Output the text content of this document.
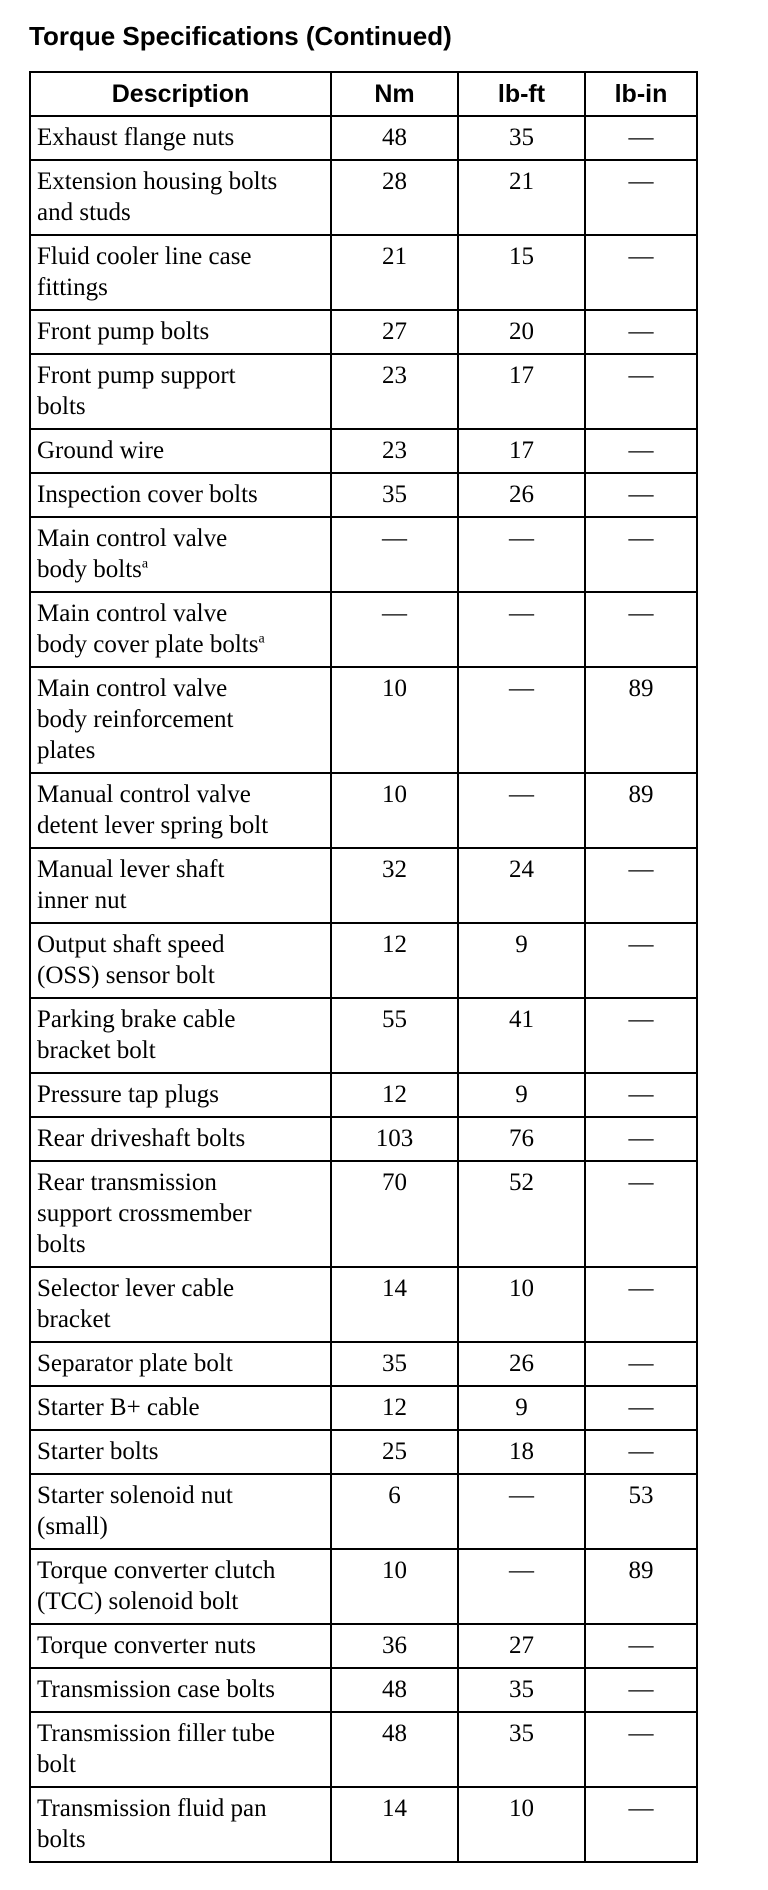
Torque Specifications (Continued)
Description	Nm	lb-ft	lb-in
Exhaust flange nuts	48	35	—
Extension housing bolts
and studs	28	21	—
Fluid cooler line case
fittings	21	15	—
Front pump bolts	27	20	—
Front pump support
bolts	23	17	—
Ground wire	23	17	—
Inspection cover bolts	35	26	—
Main control valve
body bolts$^a$	—	—	—
Main control valve
body cover plate bolts$^a$	—	—	—
Main control valve
body reinforcement
plates	10	—	89
Manual control valve
detent lever spring bolt	10	—	89
Manual lever shaft
inner nut	32	24	—
Output shaft speed
(OSS) sensor bolt	12	9	—
Parking brake cable
bracket bolt	55	41	—
Pressure tap plugs	12	9	—
Rear driveshaft bolts	103	76	—
Rear transmission
support crossmember
bolts	70	52	—
Selector lever cable
bracket	14	10	—
Separator plate bolt	35	26	—
Starter B+ cable	12	9	—
Starter bolts	25	18	—
Starter solenoid nut
(small)	6	—	53
Torque converter clutch
(TCC) solenoid bolt	10	—	89
Torque converter nuts	36	27	—
Transmission case bolts	48	35	—
Transmission filler tube
bolt	48	35	—
Transmission fluid pan
bolts	14	10	—
